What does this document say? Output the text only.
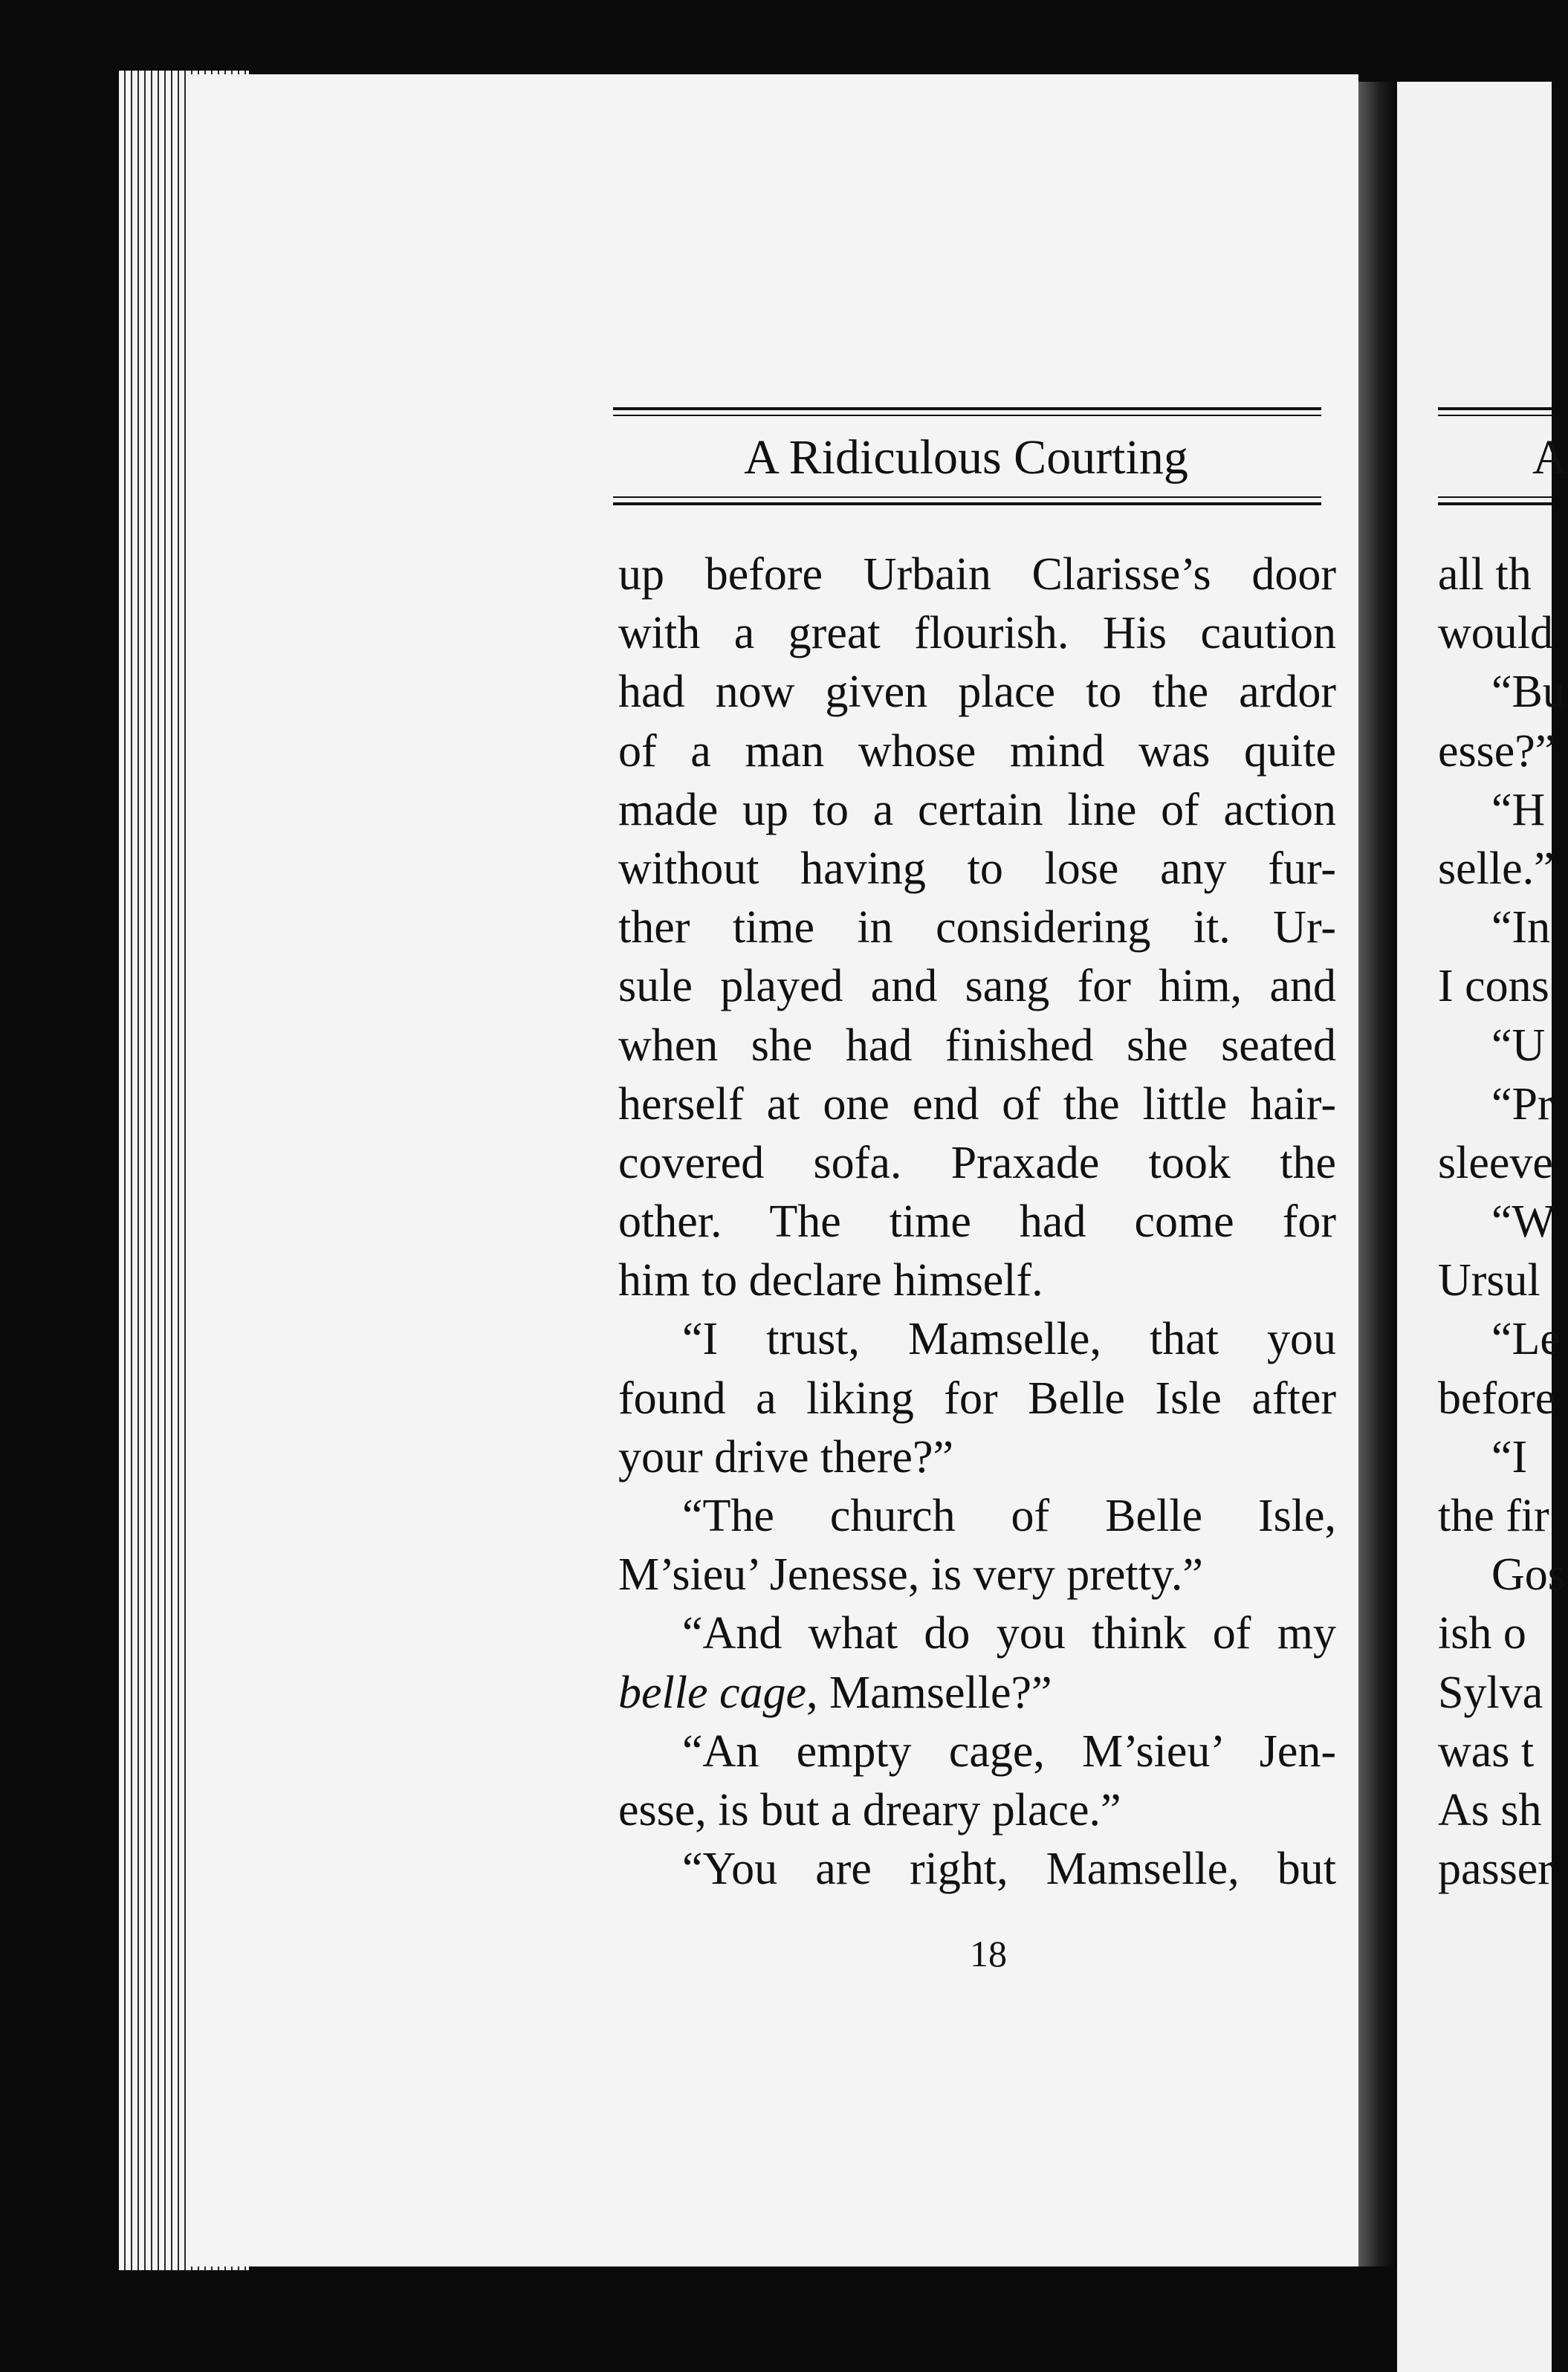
A Ridiculous Courting
up before Urbain Clarisse’s door
with a great flourish. His caution
had now given place to the ardor
of a man whose mind was quite
made up to a certain line of action
without having to lose any fur-
ther time in considering it. Ur-
sule played and sang for him, and
when she had finished she seated
herself at one end of the little hair-
covered sofa. Praxade took the
other. The time had come for
him to declare himself.
“I trust, Mamselle, that you
found a liking for Belle Isle after
your drive there?”
“The church of Belle Isle,
M’sieu’ Jenesse, is very pretty.”
“And what do you think of my
belle cage, Mamselle?”
“An empty cage, M’sieu’ Jen-
esse, is but a dreary place.”
“You are right, Mamselle, but
18
A
all th
would
“Bu
esse?”
“H
selle.”
“In
I cons
“U
“Pr
sleeve
“W
Ursul
“Le
before
“I
the fir
Gos
ish o
Sylva
was t
As sh
passer
